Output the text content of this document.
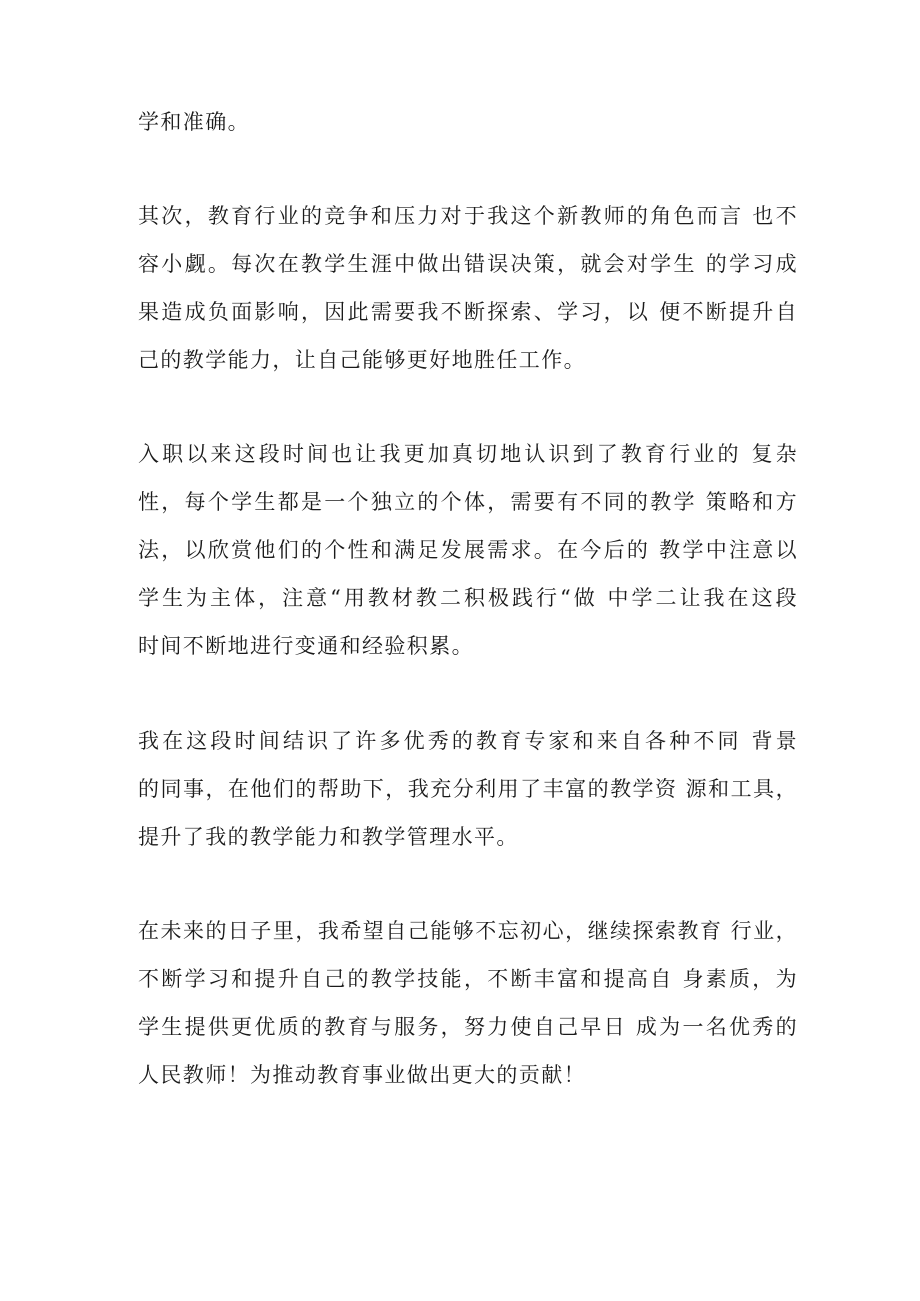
学和准确。
其次，教育行业的竞争和压力对于我这个新教师的角色而言 也不
容小觑。每次在教学生涯中做出错误决策，就会对学生 的学习成
果造成负面影响，因此需要我不断探索、学习，以 便不断提升自
己的教学能力，让自己能够更好地胜任工作。
入职以来这段时间也让我更加真切地认识到了教育行业的 复杂
性，每个学生都是一个独立的个体，需要有不同的教学 策略和方
法，以欣赏他们的个性和满足发展需求。在今后的 教学中注意以
学生为主体，注意“用教材教二积极践行“做 中学二让我在这段
时间不断地进行变通和经验积累。
我在这段时间结识了许多优秀的教育专家和来自各种不同 背景
的同事，在他们的帮助下，我充分利用了丰富的教学资 源和工具，
提升了我的教学能力和教学管理水平。
在未来的日子里，我希望自己能够不忘初心，继续探索教育 行业，
不断学习和提升自己的教学技能，不断丰富和提高自 身素质，为
学生提供更优质的教育与服务，努力使自己早日 成为一名优秀的
人民教师！为推动教育事业做出更大的贡献！
